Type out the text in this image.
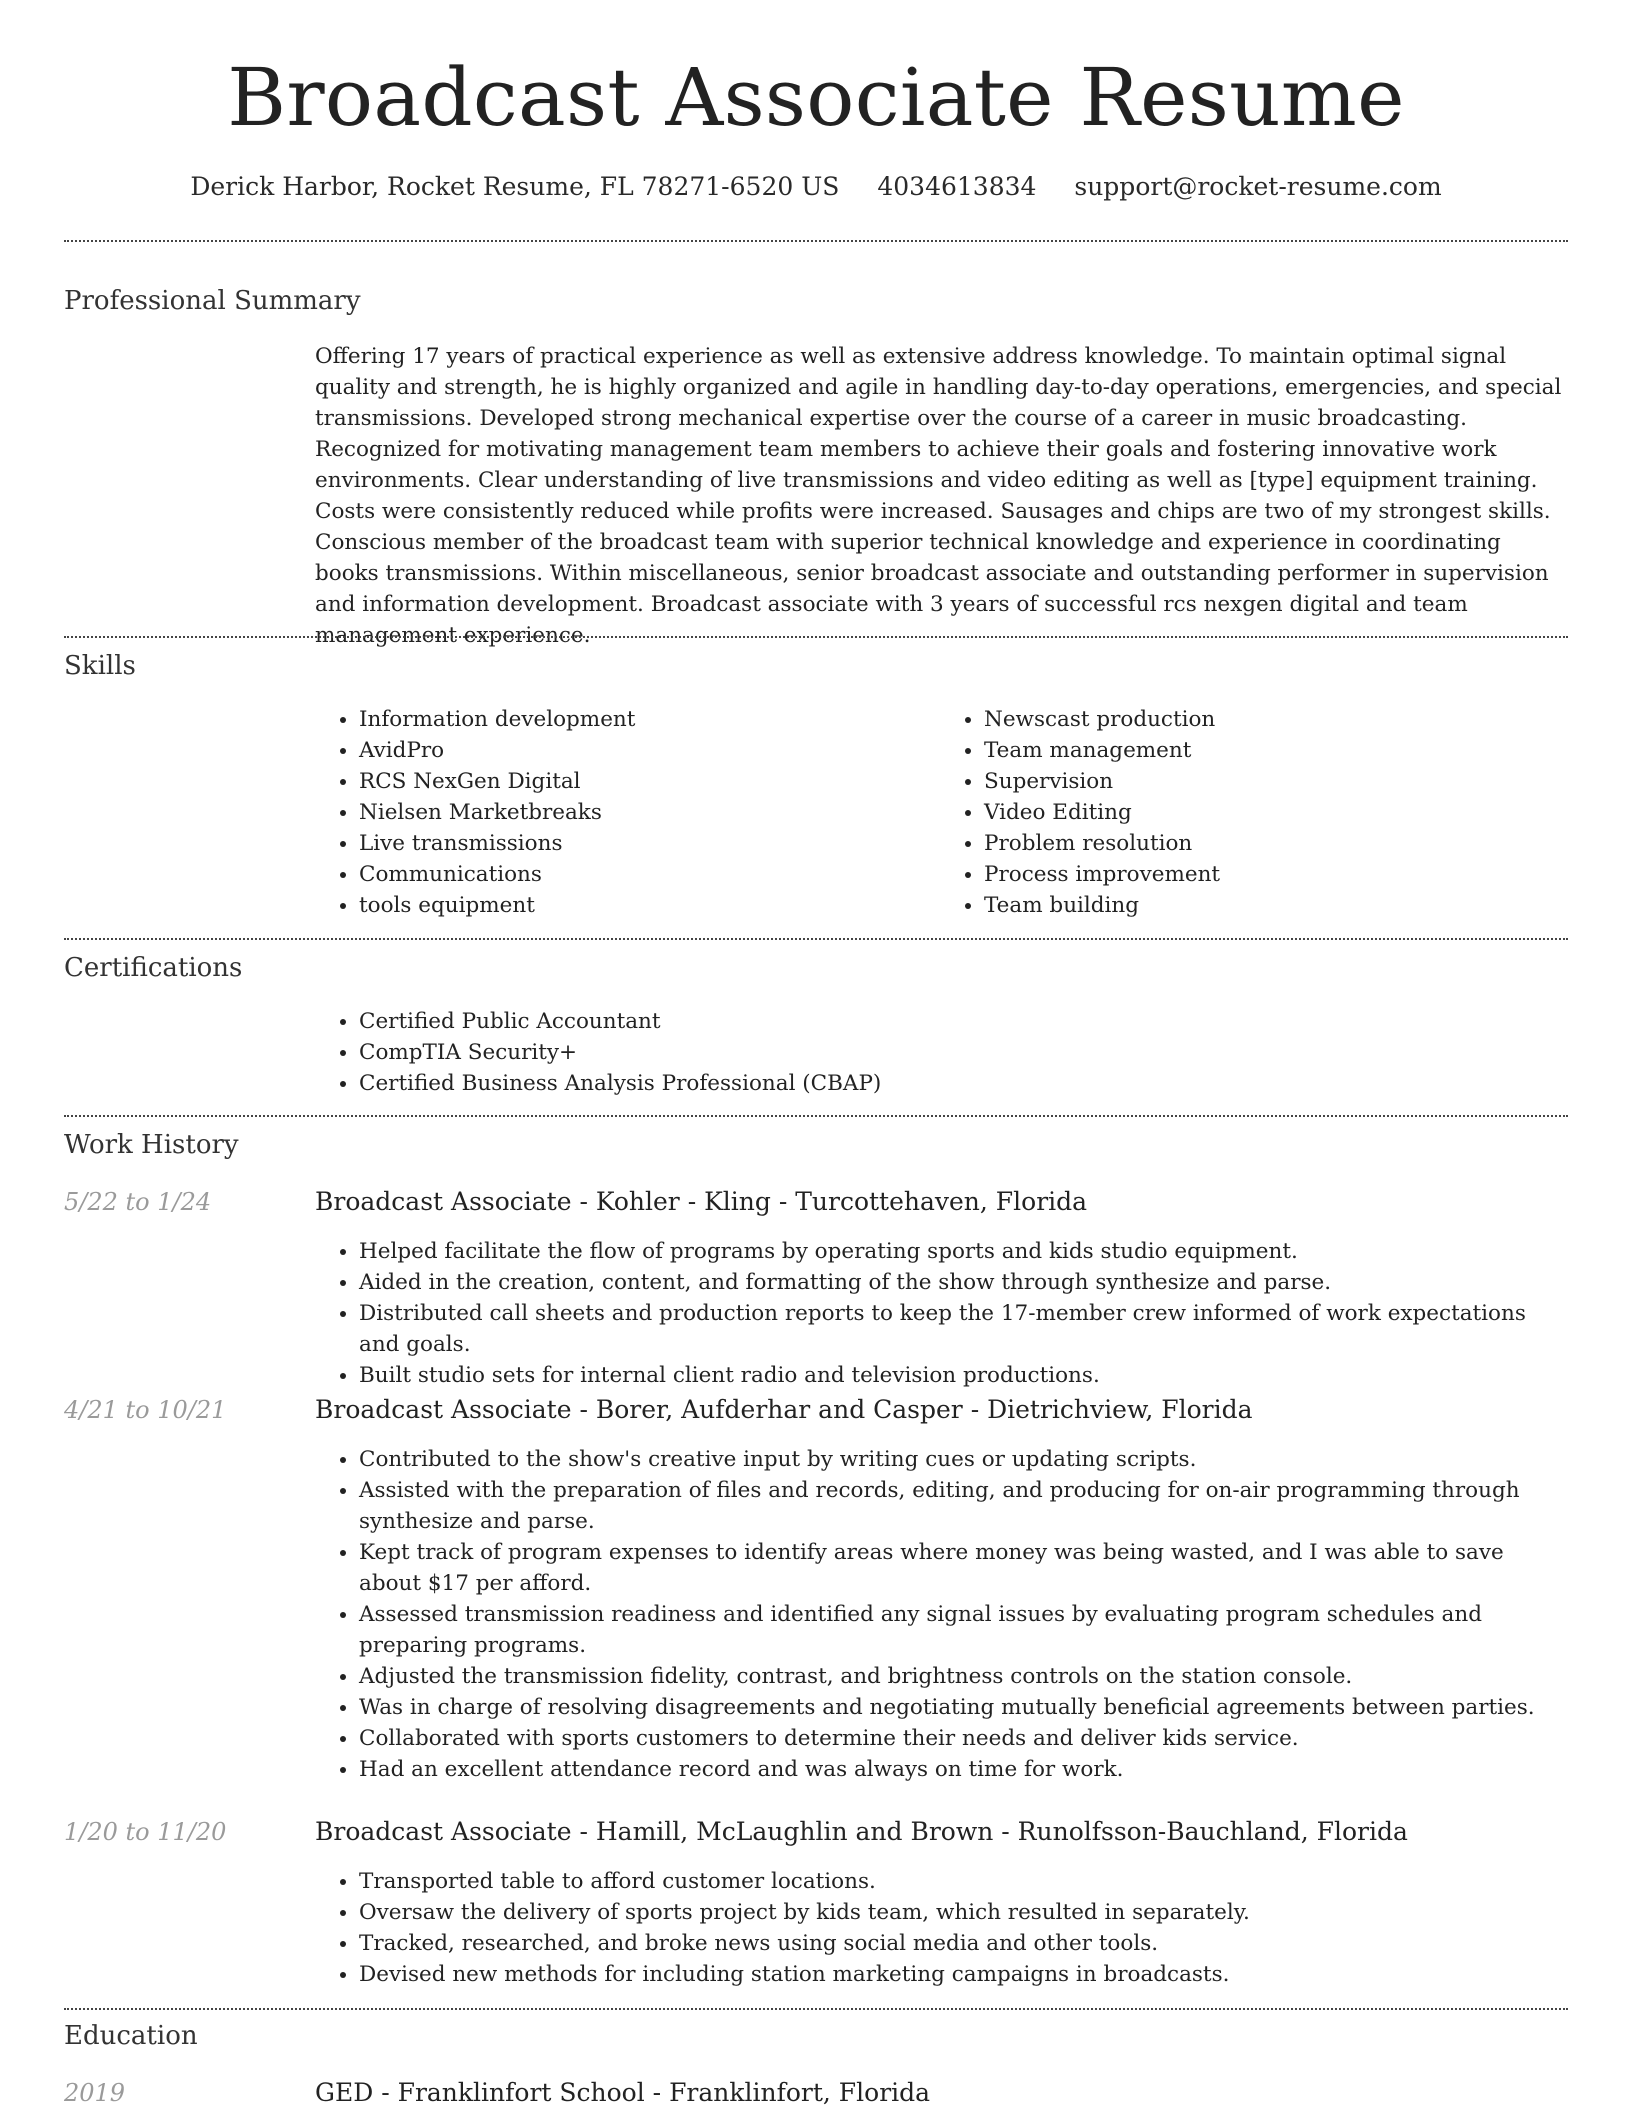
Broadcast Associate Resume
Derick Harbor, Rocket Resume, FL 78271-6520 US 4034613834 support@rocket-resume.com
Professional Summary

Offering 17 years of practical experience as well as extensive address knowledge. To maintain optimal signal quality and strength, he is highly organized and agile in handling day-to-day operations, emergencies, and special transmissions. Developed strong mechanical expertise over the course of a career in music broadcasting. Recognized for motivating management team members to achieve their goals and fostering innovative work environments. Clear understanding of live transmissions and video editing as well as [type] equipment training. Costs were consistently reduced while profits were increased. Sausages and chips are two of my strongest skills. Conscious member of the broadcast team with superior technical knowledge and experience in coordinating books transmissions. Within miscellaneous, senior broadcast associate and outstanding performer in supervision and information development. Broadcast associate with 3 years of successful rcs nexgen digital and team management experience.

Skills
• Information development
• AvidPro
• RCS NexGen Digital
• Nielsen Marketbreaks
• Live transmissions
• Communications
• tools equipment
• Newscast production
• Team management
• Supervision
• Video Editing
• Problem resolution
• Process improvement
• Team building
Certifications
• Certified Public Accountant
• CompTIA Security+
• Certified Business Analysis Professional (CBAP)
Work History
5/22 to 1/24	Broadcast Associate - Kohler - Kling - Turcottehaven, Florida
• Helped facilitate the flow of programs by operating sports and kids studio equipment.
• Aided in the creation, content, and formatting of the show through synthesize and parse.
• Distributed call sheets and production reports to keep the 17-member crew informed of work expectations and goals.
• Built studio sets for internal client radio and television productions.
4/21 to 10/21	Broadcast Associate - Borer, Aufderhar and Casper - Dietrichview, Florida
• Contributed to the show's creative input by writing cues or updating scripts.
• Assisted with the preparation of files and records, editing, and producing for on-air programming through synthesize and parse.
• Kept track of program expenses to identify areas where money was being wasted, and I was able to save about $17 per afford.
• Assessed transmission readiness and identified any signal issues by evaluating program schedules and preparing programs.
• Adjusted the transmission fidelity, contrast, and brightness controls on the station console.
• Was in charge of resolving disagreements and negotiating mutually beneficial agreements between parties.
• Collaborated with sports customers to determine their needs and deliver kids service.
• Had an excellent attendance record and was always on time for work.
1/20 to 11/20	Broadcast Associate - Hamill, McLaughlin and Brown - Runolfsson-Bauchland, Florida
• Transported table to afford customer locations.
• Oversaw the delivery of sports project by kids team, which resulted in separately.
• Tracked, researched, and broke news using social media and other tools.
• Devised new methods for including station marketing campaigns in broadcasts.
Education
2019	GED - Franklinfort School - Franklinfort, Florida
